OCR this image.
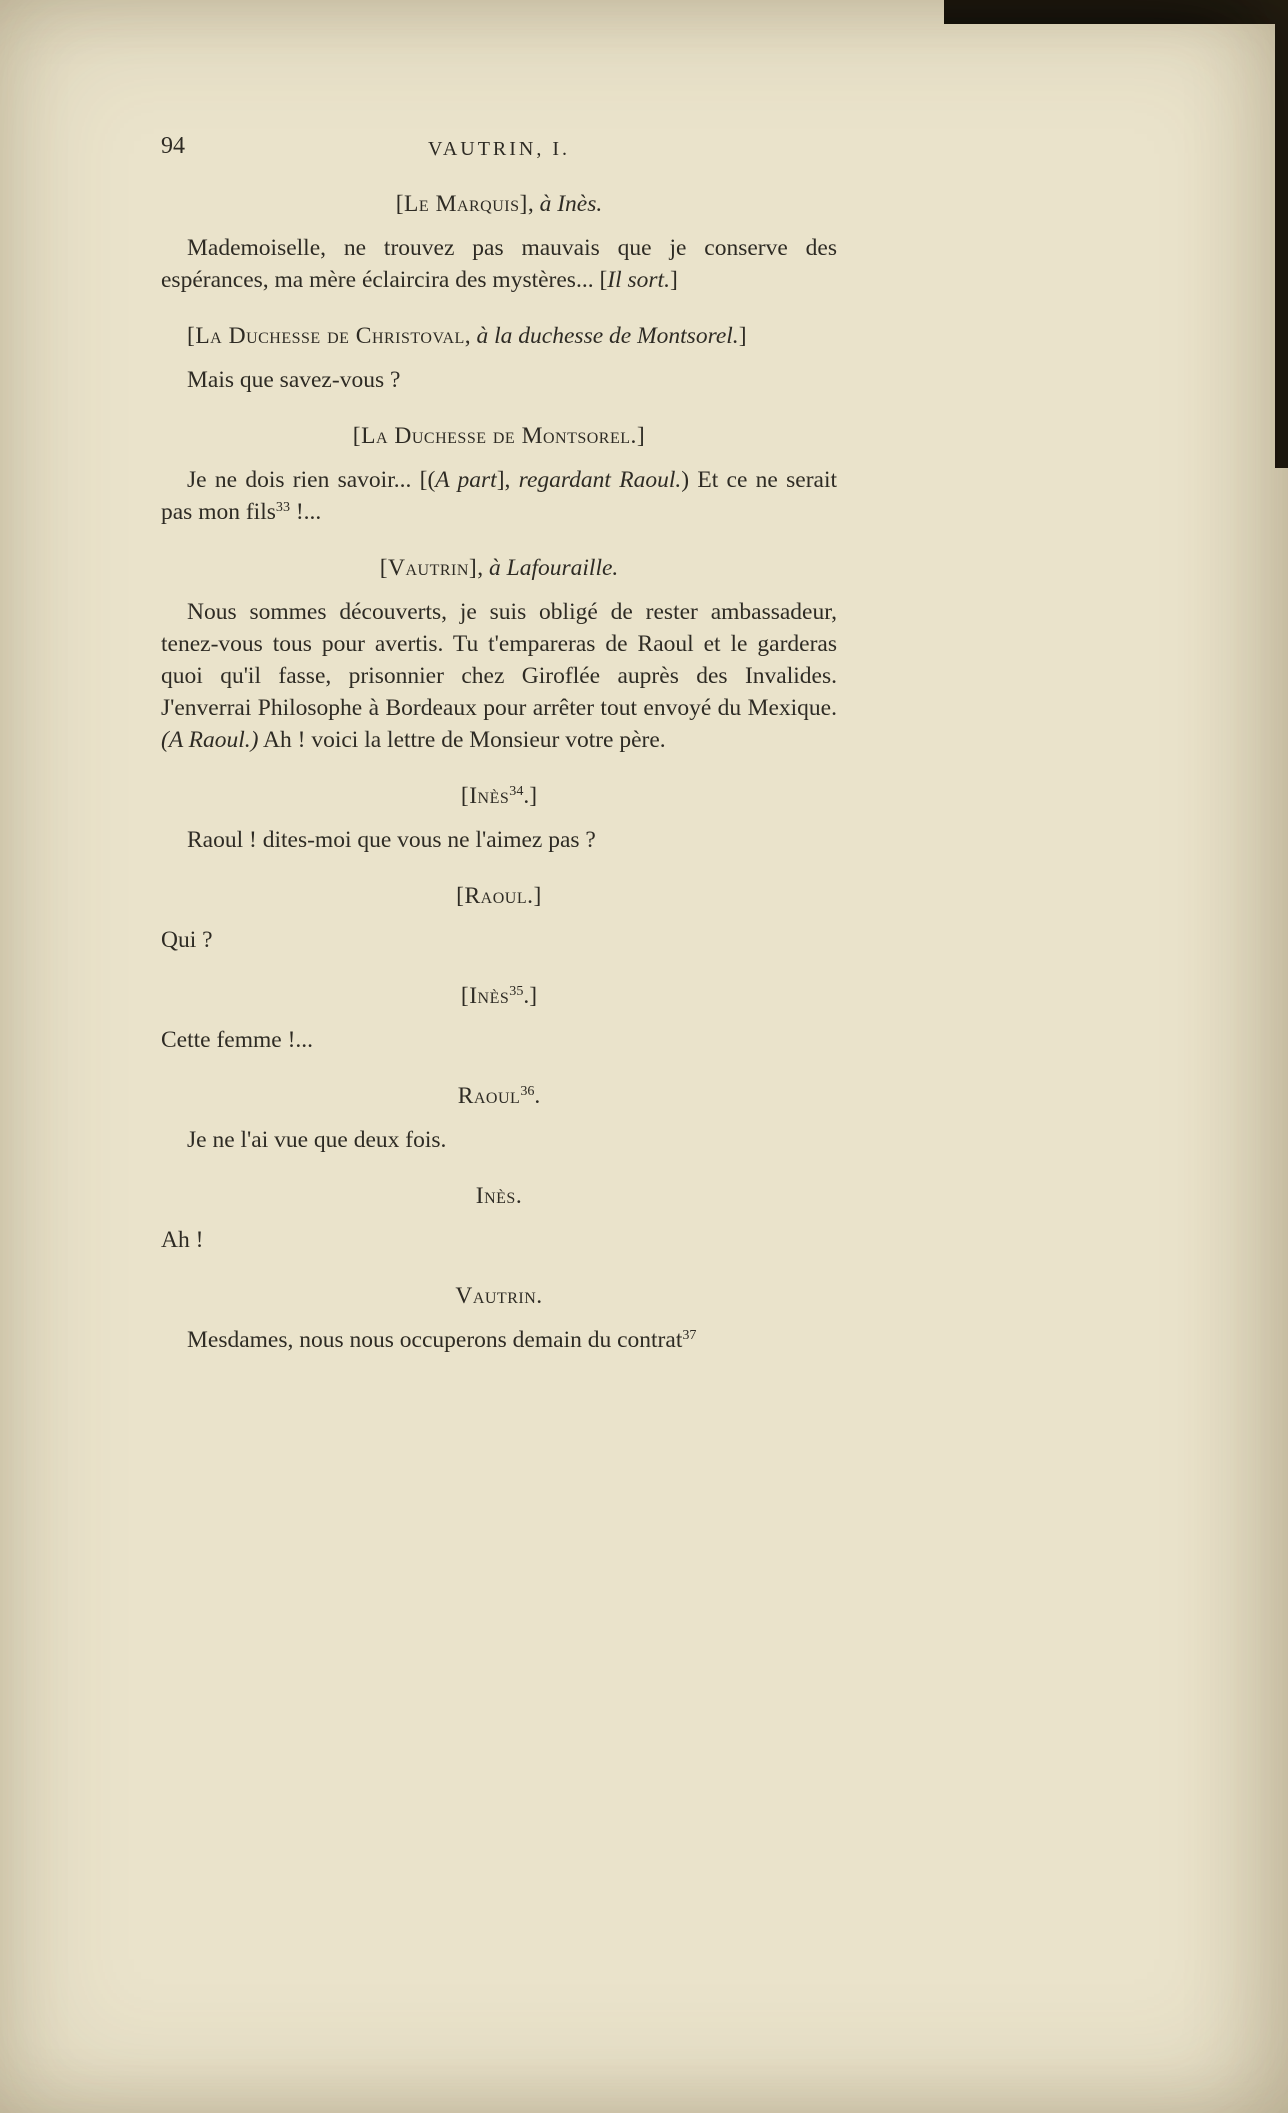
94	VAUTRIN, I.

[Le Marquis], à Inès.

Mademoiselle, ne trouvez pas mauvais que je conserve des espérances, ma mère éclaircira des mystères... [Il sort.]

[La Duchesse de Christoval, à la duchesse de Montsorel.]

Mais que savez-vous ?

[La Duchesse de Montsorel.]

Je ne dois rien savoir... [(A part], regardant Raoul.) Et ce ne serait pas mon fils$^{33}$ !...

[Vautrin], à Lafouraille.

Nous sommes découverts, je suis obligé de rester ambassadeur, tenez-vous tous pour avertis. Tu t'empareras de Raoul et le garderas quoi qu'il fasse, prisonnier chez Giroflée auprès des Invalides. J'enverrai Philosophe à Bordeaux pour arrêter tout envoyé du Mexique. (A Raoul.) Ah ! voici la lettre de Monsieur votre père.

[Inès$^{34}$.]

Raoul ! dites-moi que vous ne l'aimez pas ?

[Raoul.]

Qui ?

[Inès$^{35}$.]

Cette femme !...

Raoul$^{36}$.

Je ne l'ai vue que deux fois.

Inès.

Ah !

Vautrin.

Mesdames, nous nous occuperons demain du contrat$^{37}$
